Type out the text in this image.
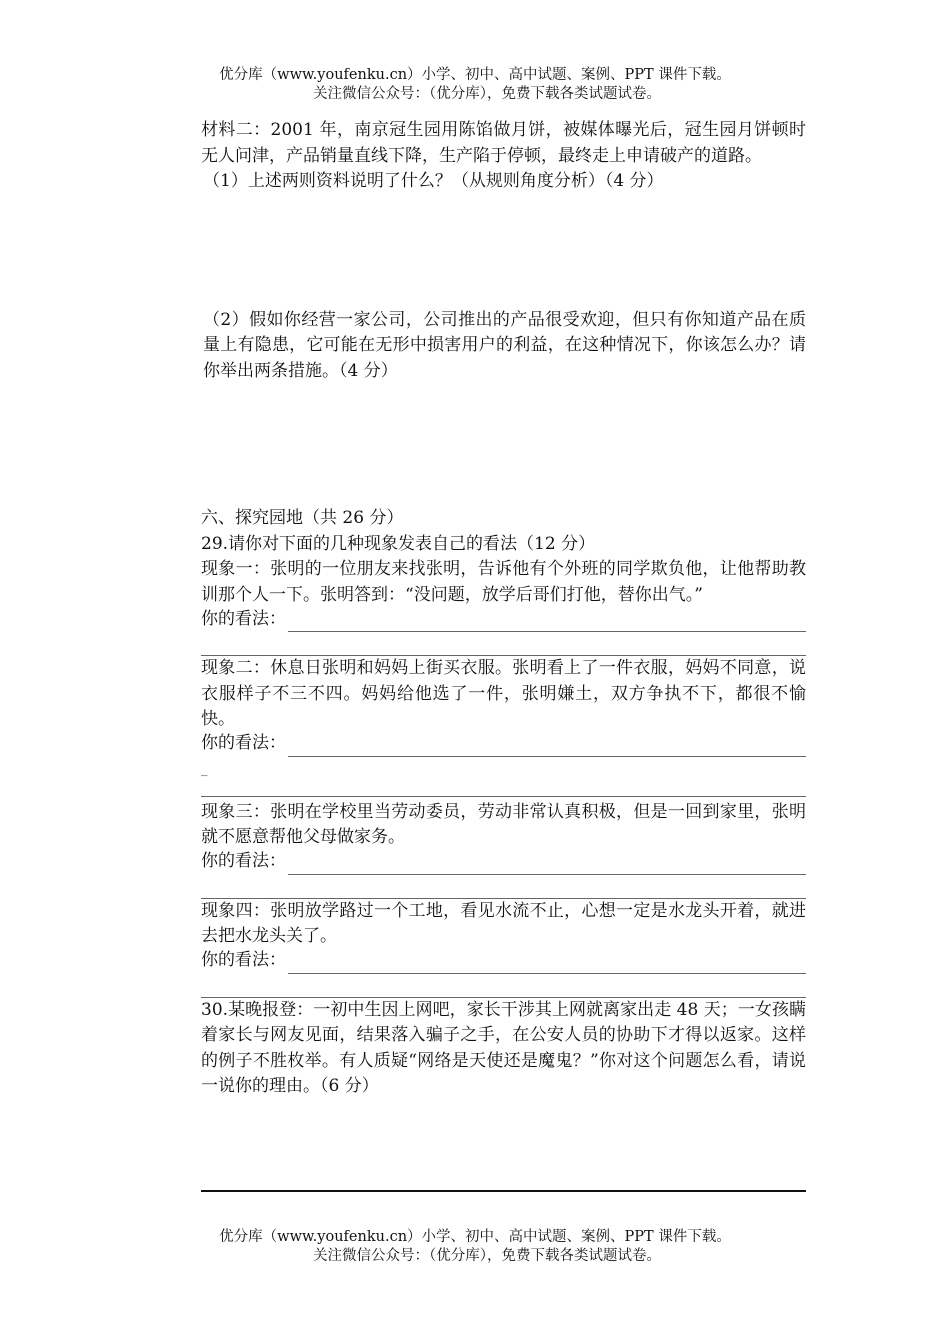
优分库（www.youfenku.cn）小学、初中、高中试题、案例、PPT 课件下载。
关注微信公众号：（优分库），免费下载各类试题试卷。

材料二：2001 年，南京冠生园用陈馅做月饼，被媒体曝光后，冠生园月饼顿时无人问津，产品销量直线下降，生产陷于停顿，最终走上申请破产的道路。

（1）上述两则资料说明了什么？（从规则角度分析）（4 分）

（2）假如你经营一家公司，公司推出的产品很受欢迎，但只有你知道产品在质量上有隐患，它可能在无形中损害用户的利益，在这种情况下，你该怎么办？请你举出两条措施。（4 分）

六、探究园地（共 26 分）

29.请你对下面的几种现象发表自己的看法（12 分）

现象一：张明的一位朋友来找张明，告诉他有个外班的同学欺负他，让他帮助教训那个人一下。张明答到：“没问题，放学后哥们打他，替你出气。”

你的看法：

现象二：休息日张明和妈妈上街买衣服。张明看上了一件衣服，妈妈不同意，说衣服样子不三不四。妈妈给他选了一件，张明嫌土，双方争执不下，都很不愉快。

你的看法：
_

现象三：张明在学校里当劳动委员，劳动非常认真积极，但是一回到家里，张明就不愿意帮他父母做家务。

你的看法：

现象四：张明放学路过一个工地，看见水流不止，心想一定是水龙头开着，就进去把水龙头关了。

你的看法：

30.某晚报登：一初中生因上网吧，家长干涉其上网就离家出走 48 天；一女孩瞒着家长与网友见面，结果落入骗子之手，在公安人员的协助下才得以返家。这样的例子不胜枚举。有人质疑“网络是天使还是魔鬼？”你对这个问题怎么看，请说一说你的理由。（6 分）

优分库（www.youfenku.cn）小学、初中、高中试题、案例、PPT 课件下载。
关注微信公众号：（优分库），免费下载各类试题试卷。
